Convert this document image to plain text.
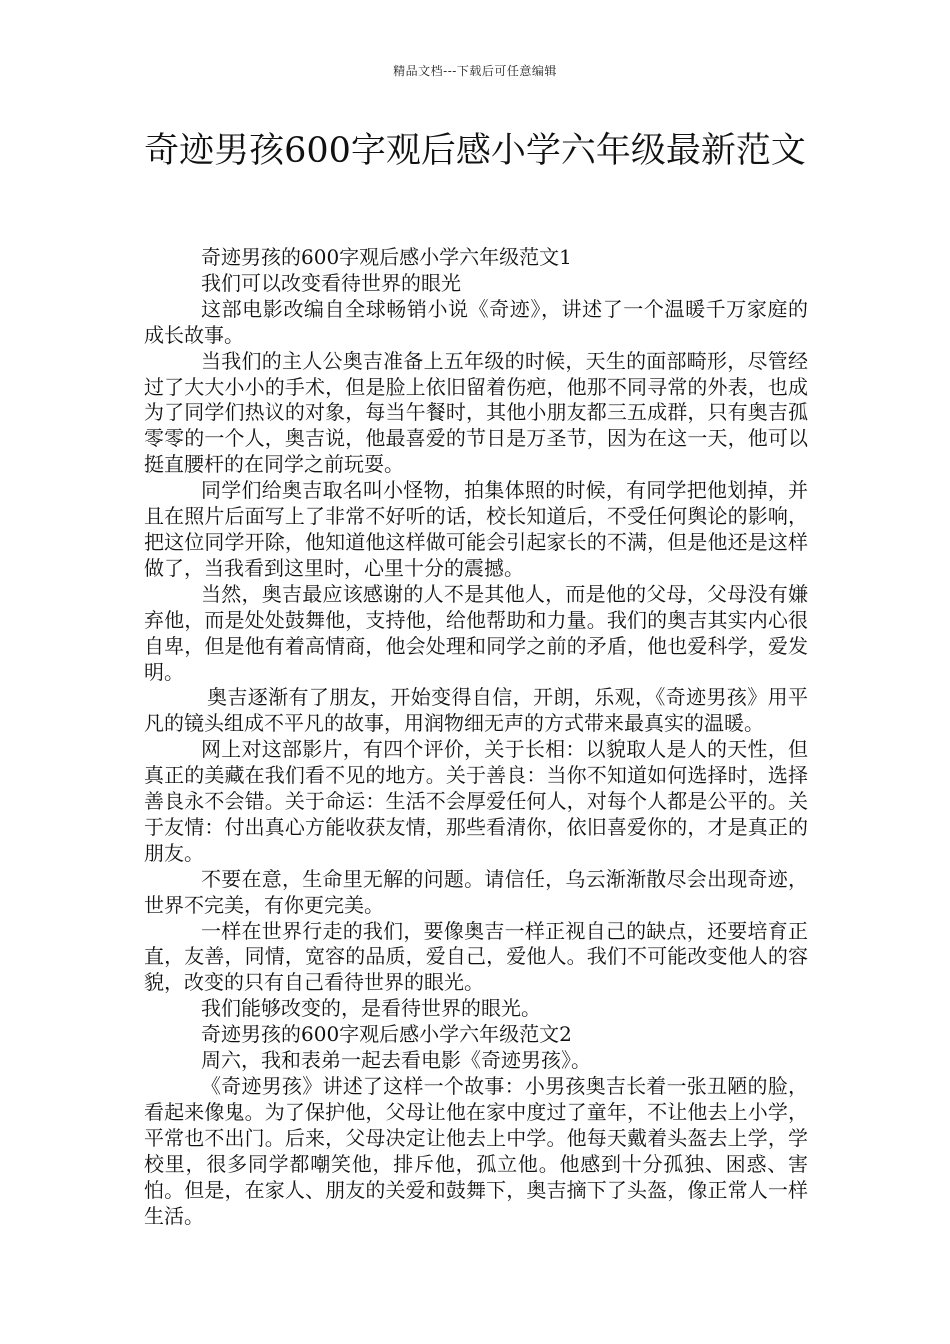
精品文档---下载后可任意编辑
奇迹男孩600字观后感小学六年级最新范文

奇迹男孩的600字观后感小学六年级范文1

我们可以改变看待世界的眼光

这部电影改编自全球畅销小说《奇迹》，讲述了一个温暖千万家庭的成长故事。

当我们的主人公奥吉准备上五年级的时候，天生的面部畸形，尽管经过了大大小小的手术，但是脸上依旧留着伤疤，他那不同寻常的外表，也成为了同学们热议的对象，每当午餐时，其他小朋友都三五成群，只有奥吉孤零零的一个人，奥吉说，他最喜爱的节日是万圣节，因为在这一天，他可以挺直腰杆的在同学之前玩耍。

同学们给奥吉取名叫小怪物，拍集体照的时候，有同学把他划掉，并且在照片后面写上了非常不好听的话，校长知道后，不受任何舆论的影响，把这位同学开除，他知道他这样做可能会引起家长的不满，但是他还是这样做了，当我看到这里时，心里十分的震撼。

当然，奥吉最应该感谢的人不是其他人，而是他的父母，父母没有嫌弃他，而是处处鼓舞他，支持他，给他帮助和力量。我们的奥吉其实内心很自卑，但是他有着高情商，他会处理和同学之前的矛盾，他也爱科学，爱发明。

奥吉逐渐有了朋友，开始变得自信，开朗，乐观，《奇迹男孩》用平凡的镜头组成不平凡的故事，用润物细无声的方式带来最真实的温暖。

网上对这部影片，有四个评价，关于长相：以貌取人是人的天性，但真正的美藏在我们看不见的地方。关于善良：当你不知道如何选择时，选择善良永不会错。关于命运：生活不会厚爱任何人，对每个人都是公平的。关于友情：付出真心方能收获友情，那些看清你，依旧喜爱你的，才是真正的朋友。

不要在意，生命里无解的问题。请信任，乌云渐渐散尽会出现奇迹，世界不完美，有你更完美。

一样在世界行走的我们，要像奥吉一样正视自己的缺点，还要培育正直，友善，同情，宽容的品质，爱自己，爱他人。我们不可能改变他人的容貌，改变的只有自己看待世界的眼光。

我们能够改变的，是看待世界的眼光。

奇迹男孩的600字观后感小学六年级范文2

周六，我和表弟一起去看电影《奇迹男孩》。

《奇迹男孩》讲述了这样一个故事：小男孩奥吉长着一张丑陋的脸，看起来像鬼。为了保护他，父母让他在家中度过了童年，不让他去上小学，平常也不出门。后来，父母决定让他去上中学。他每天戴着头盔去上学，学校里，很多同学都嘲笑他，排斥他，孤立他。他感到十分孤独、困惑、害怕。但是，在家人、朋友的关爱和鼓舞下，奥吉摘下了头盔，像正常人一样生活。
